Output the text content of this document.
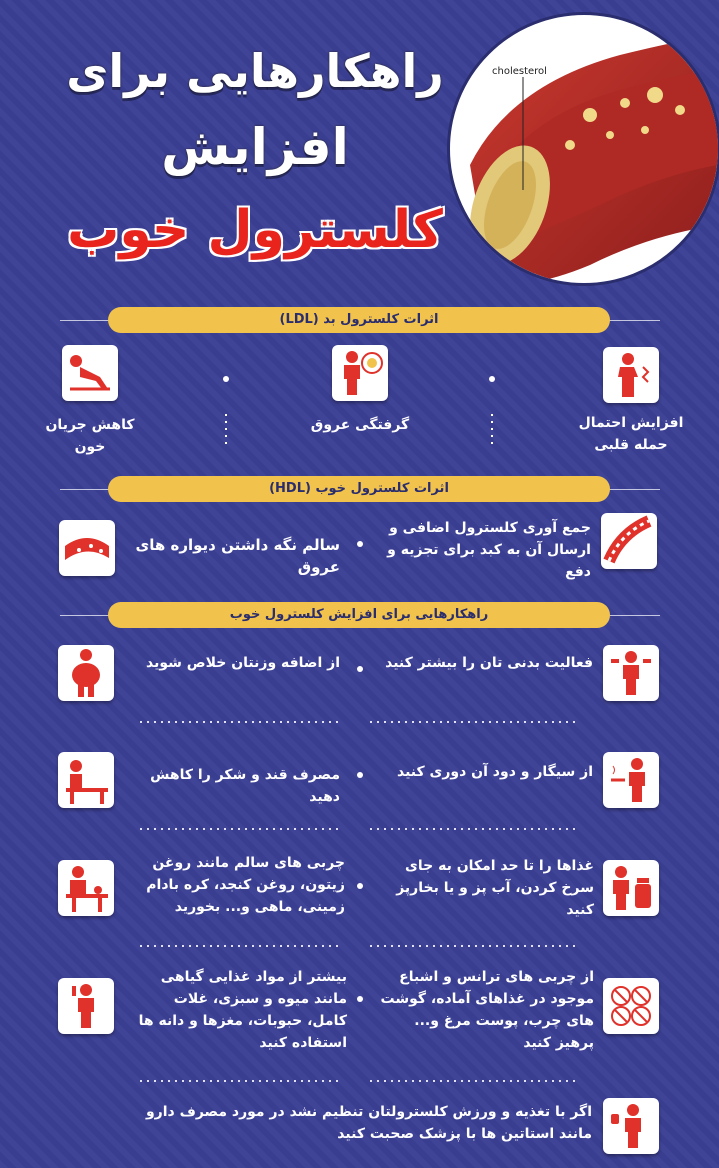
راهکارهایی برای
افزایش
کلسترول خوب
cholesterol
اثرات کلسترول بد (LDL)
افزایش احتمال حمله قلبی
گرفتگی عروق
کاهش جریان خون
اثرات کلسترول خوب (HDL)
جمع آوری کلسترول اضافی و ارسال آن به کبد برای تجزیه و دفع
سالم نگه داشتن دیواره های عروق
راهکارهایی برای افزایش کلسترول خوب
فعالیت بدنی تان را بیشتر کنید
از اضافه وزنتان خلاص شوید
از سیگار و دود آن دوری کنید
مصرف قند و شکر را کاهش دهید
غذاها را تا حد امکان به جای سرخ کردن، آب پز و یا بخارپز کنید
چربی های سالم مانند روغن زیتون، روغن کنجد، کره بادام زمینی، ماهی و... بخورید
از چربی های ترانس و اشباع موجود در غذاهای آماده، گوشت های چرب، پوست مرغ و... پرهیز کنید
بیشتر از مواد غذایی گیاهی مانند میوه و سبزی، غلات کامل، حبوبات، مغزها و دانه ها استفاده کنید
اگر با تغذیه و ورزش کلسترولتان تنظیم نشد در مورد مصرف دارو مانند استاتین ها با پزشک صحبت کنید
